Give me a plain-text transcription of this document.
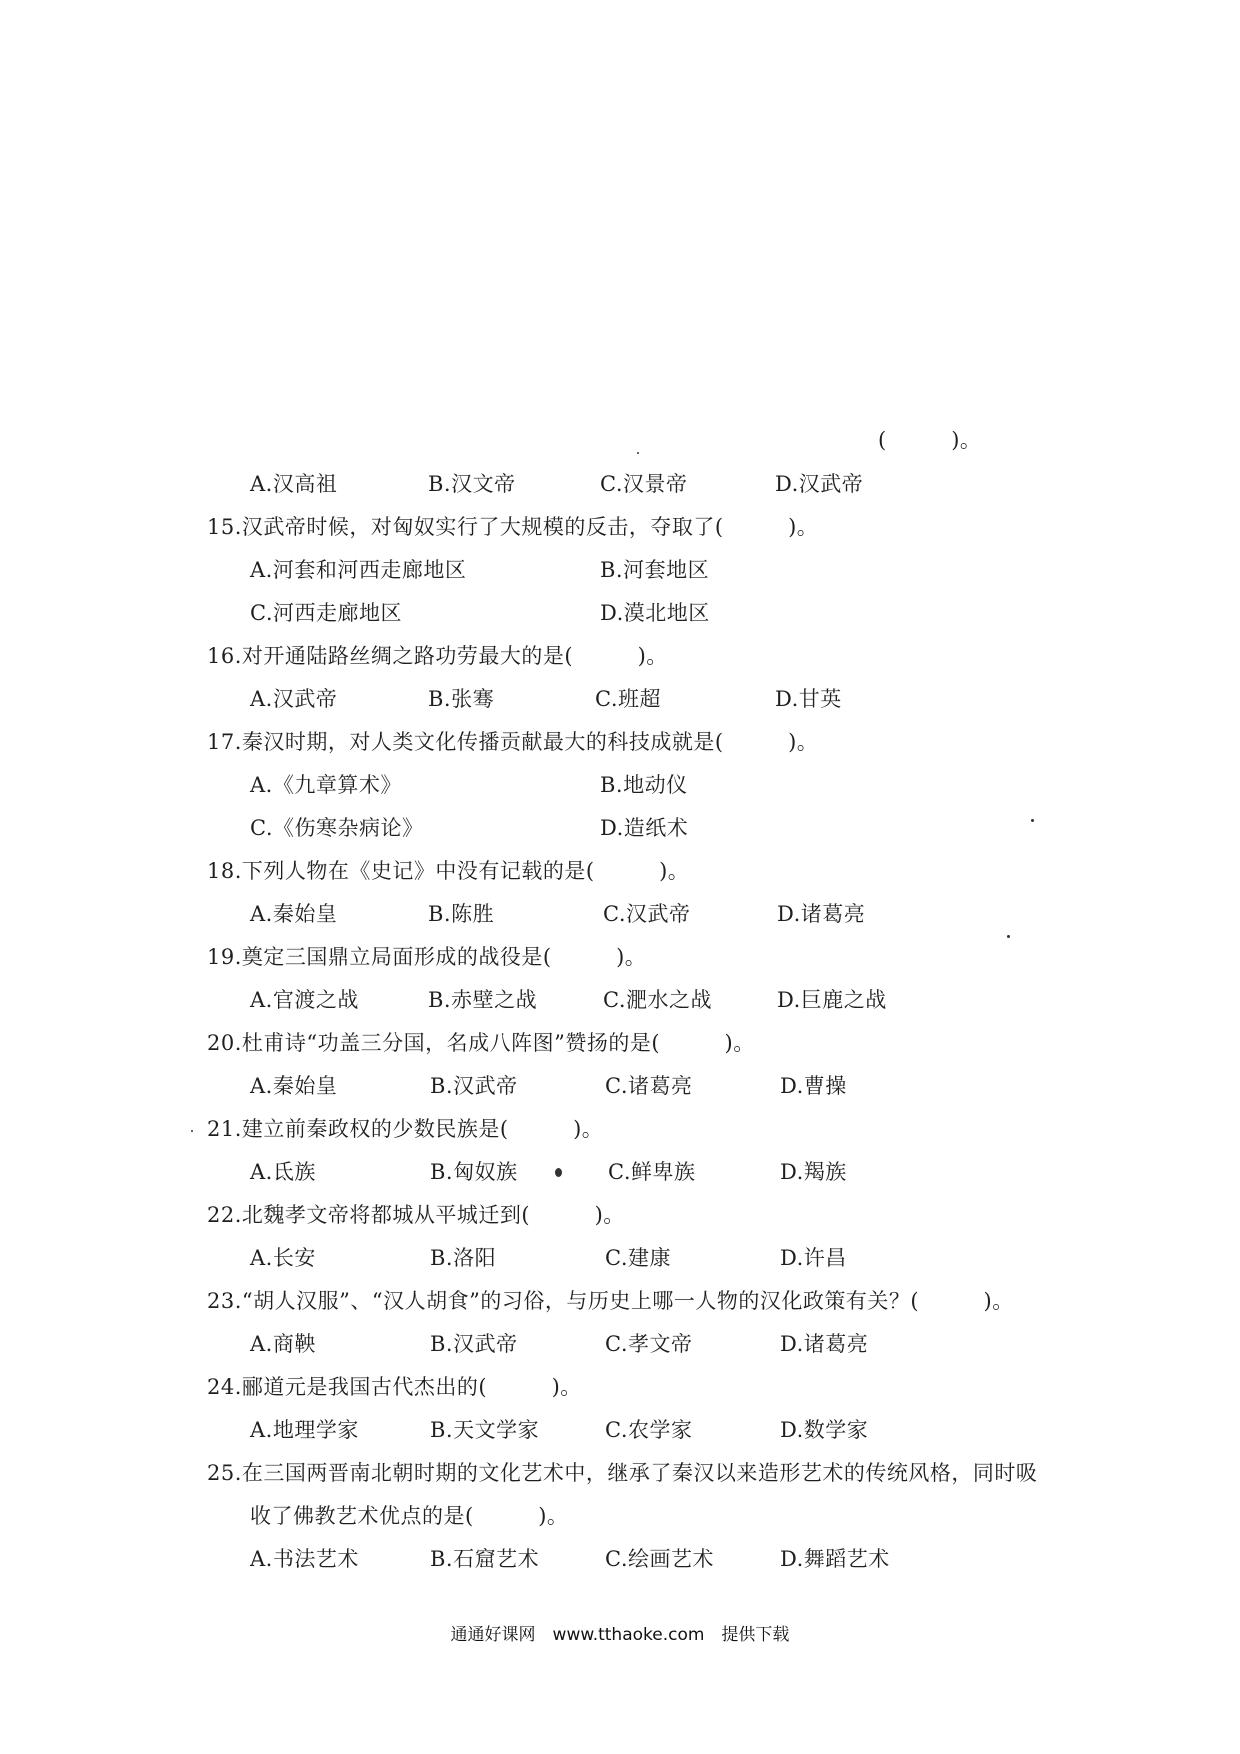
(　　　)。
A.汉高祖	B.汉文帝	C.汉景帝	D.汉武帝
15.汉武帝时候，对匈奴实行了大规模的反击，夺取了(　　　)。
A.河套和河西走廊地区	B.河套地区
C.河西走廊地区	D.漠北地区
16.对开通陆路丝绸之路功劳最大的是(　　　)。
A.汉武帝	B.张骞	C.班超	D.甘英
17.秦汉时期，对人类文化传播贡献最大的科技成就是(　　　)。
A.《九章算术》	B.地动仪
C.《伤寒杂病论》	D.造纸术
18.下列人物在《史记》中没有记载的是(　　　)。
A.秦始皇	B.陈胜	C.汉武帝	D.诸葛亮
19.奠定三国鼎立局面形成的战役是(　　　)。
A.官渡之战	B.赤壁之战	C.淝水之战	D.巨鹿之战
20.杜甫诗“功盖三分国，名成八阵图”赞扬的是(　　　)。
A.秦始皇	B.汉武帝	C.诸葛亮	D.曹操
21.建立前秦政权的少数民族是(　　　)。
A.氐族	B.匈奴族	C.鲜卑族	D.羯族
22.北魏孝文帝将都城从平城迁到(　　　)。
A.长安	B.洛阳	C.建康	D.许昌
23.“胡人汉服”、“汉人胡食”的习俗，与历史上哪一人物的汉化政策有关？(　　　)。
A.商鞅	B.汉武帝	C.孝文帝	D.诸葛亮
24.郦道元是我国古代杰出的(　　　)。
A.地理学家	B.天文学家	C.农学家	D.数学家
25.在三国两晋南北朝时期的文化艺术中，继承了秦汉以来造形艺术的传统风格，同时吸
收了佛教艺术优点的是(　　　)。
A.书法艺术	B.石窟艺术	C.绘画艺术	D.舞蹈艺术
通通好课网　www.tthaoke.com　提供下载
